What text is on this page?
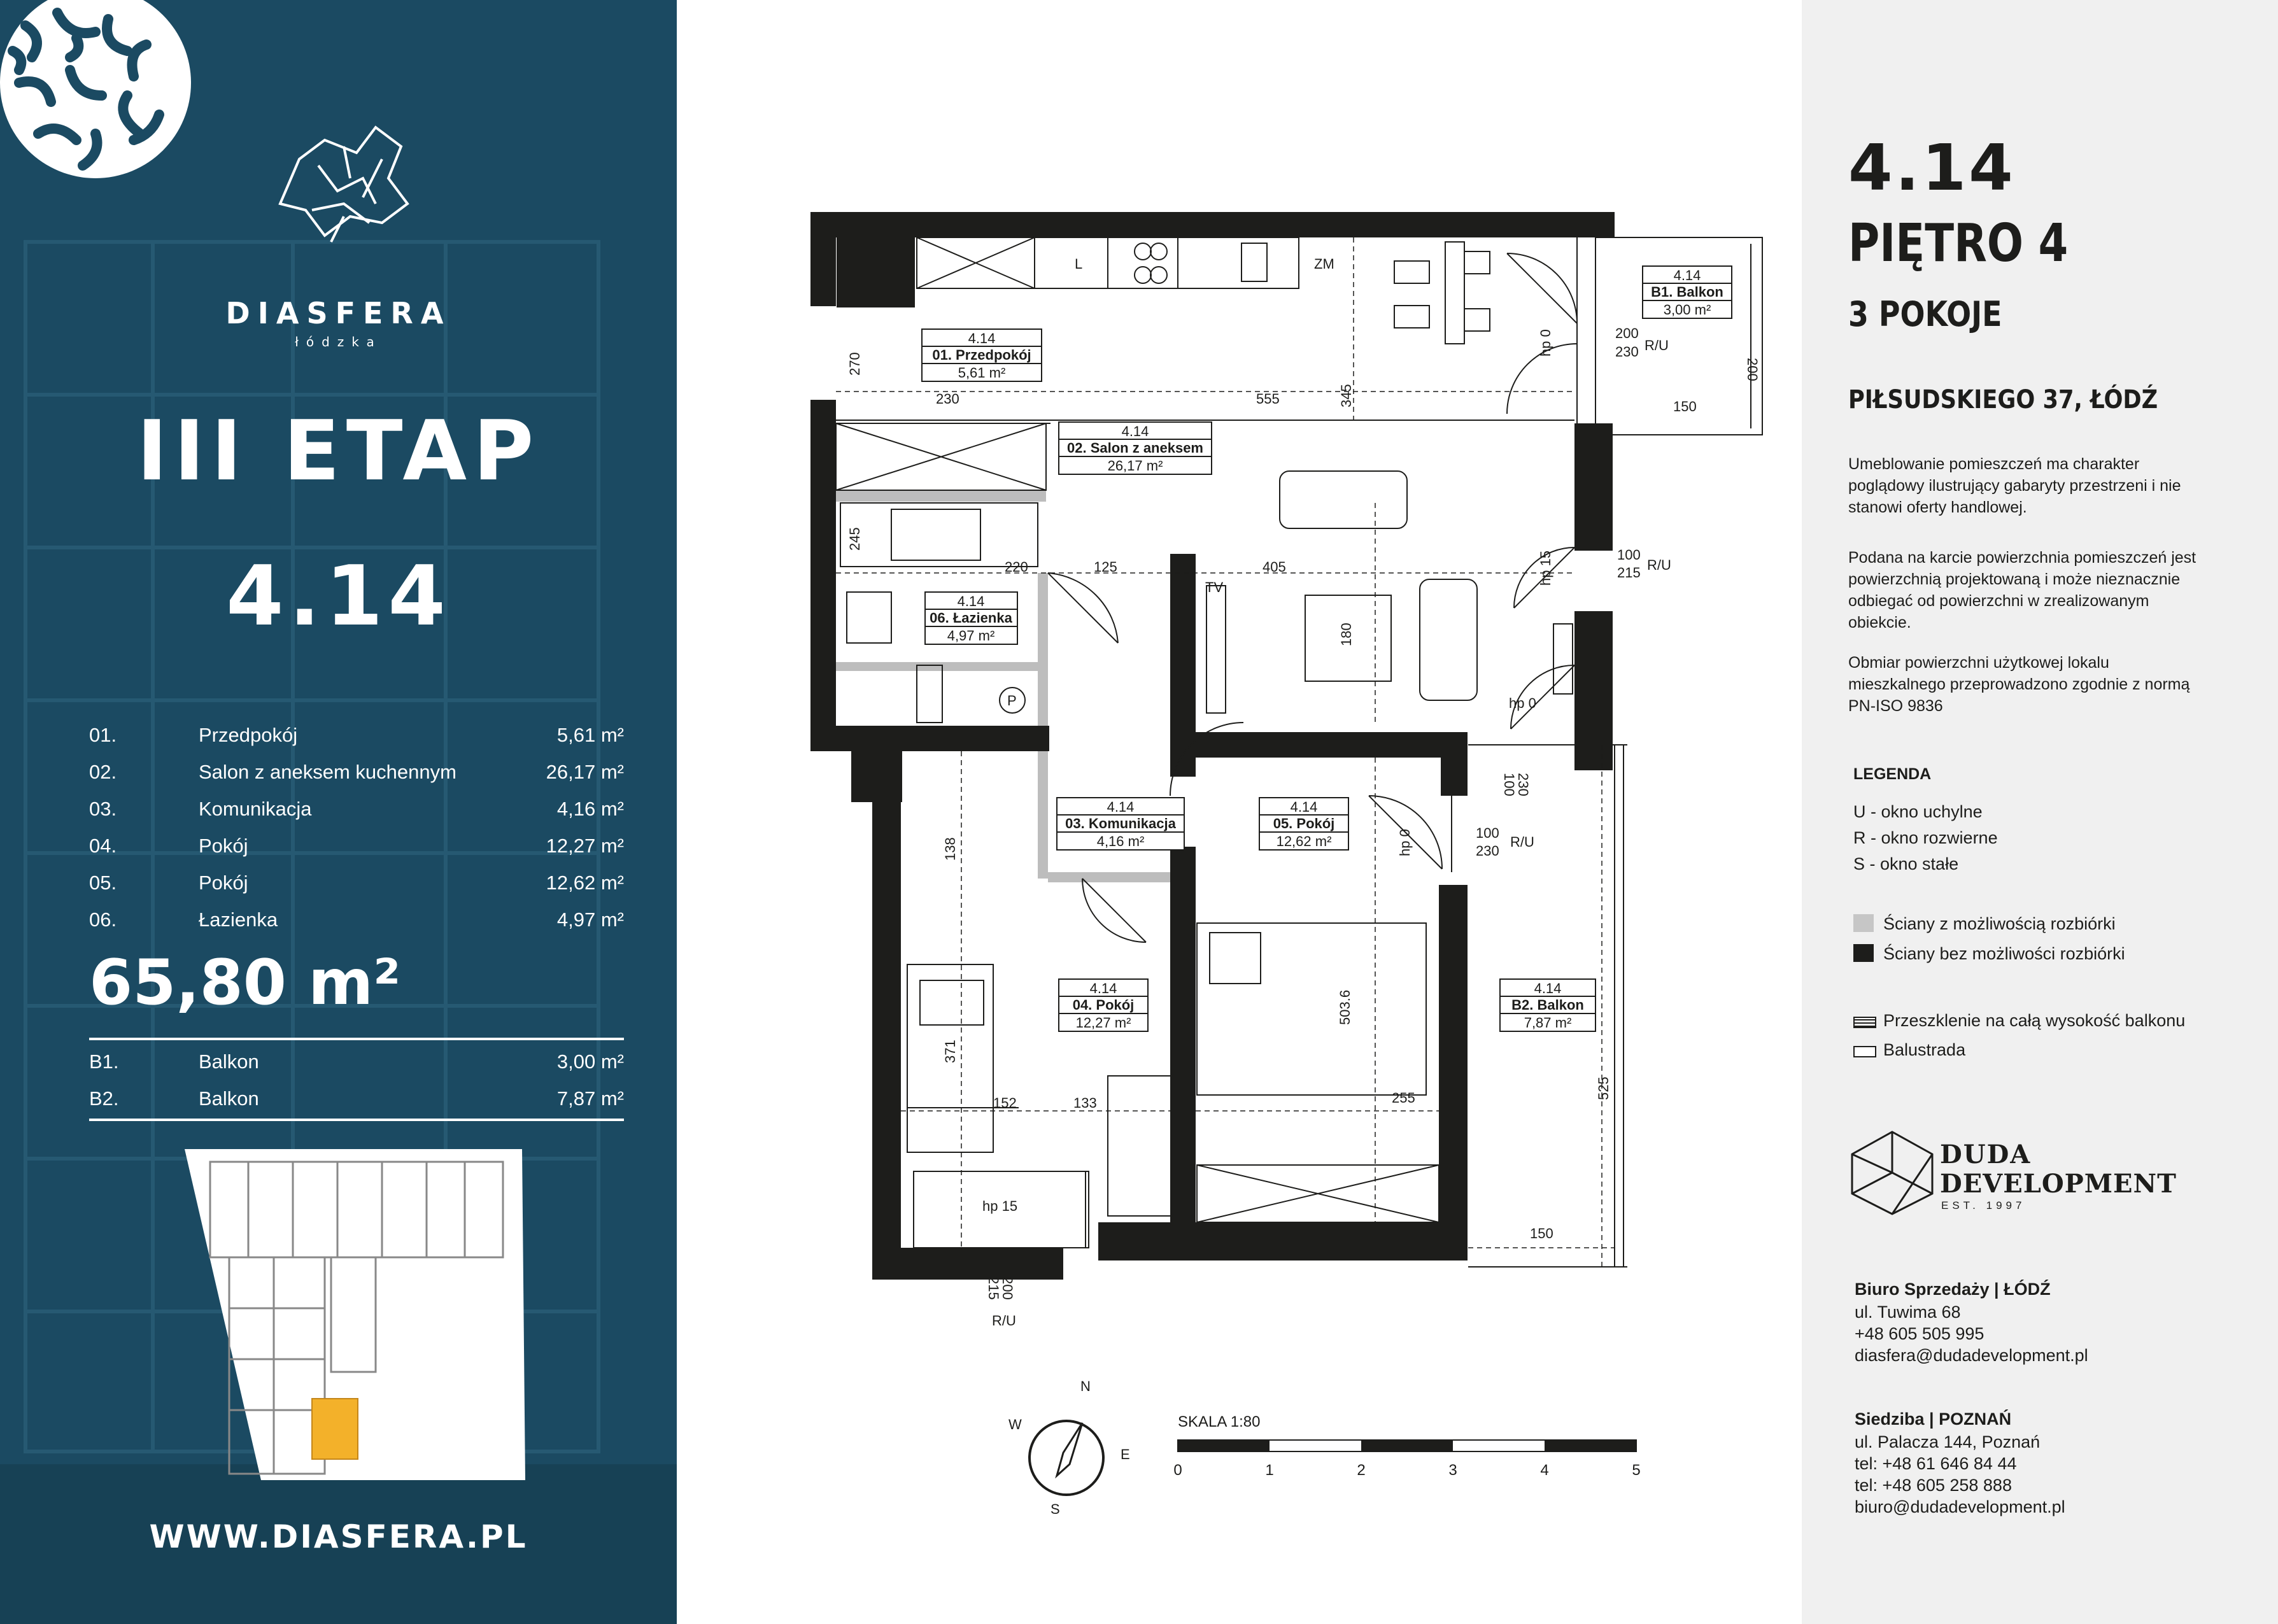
DIASFERA
łódzka
III ETAP
4.14
01.	Przedpokój	5,61 m²
02.	Salon z aneksem kuchennym	26,17 m²
03.	Komunikacja	4,16 m²
04.	Pokój	12,27 m²
05.	Pokój	12,62 m²
06.	Łazienka	4,97 m²
65,80 m²
B1.	Balkon	3,00 m²
B2.	Balkon	7,87 m²
WWW.DIASFERA.PL
4.14
01. Przedpokój
5,61 m²
4.14
02. Salon z aneksem
26,17 m²
4.14
03. Komunikacja
4,16 m²
4.14
04. Pokój
12,27 m²
4.14
05. Pokój
12,62 m²
4.14
06. Łazienka
4,97 m²
4.14
B1. Balkon
3,00 m²
4.14
B2. Balkon
7,87 m²
270
230	555	345
245
220	125	405
180
138
371
152	133
503.6
255	525
150
150
200
200
230
100
215
100
230
100
230
215
200
hp 0
hp 15
hp 0
hp 0
hp 15
R/U
R/U
R/U
R/U
L	ZM
TV
P
N
E
S
W	SKALA 1:80
0	1	2	3	4	5
4.14
PIĘTRO 4
3 POKOJE
PIŁSUDSKIEGO 37, ŁÓDŹ
Umeblowanie pomieszczeń ma charakter poglądowy ilustrujący gabaryty przestrzeni i nie stanowi oferty handlowej.
Podana na karcie powierzchnia pomieszczeń jest powierzchnią projektowaną i może nieznacznie odbiegać od powierzchni w zrealizowanym obiekcie.
Obmiar powierzchni użytkowej lokalu mieszkalnego przeprowadzono zgodnie z normą PN-ISO 9836
LEGENDA
U - okno uchylne
R - okno rozwierne
S - okno stałe
Ściany z możliwością rozbiórki
Ściany bez możliwości rozbiórki
Przeszklenie na całą wysokość balkonu
Balustrada
DUDA
DEVELOPMENT
EST. 1997
Biuro Sprzedaży | ŁÓDŹ
ul. Tuwima 68
+48 605 505 995
diasfera@dudadevelopment.pl
Siedziba | POZNAŃ
ul. Palacza 144, Poznań
tel: +48 61 646 84 44
tel: +48 605 258 888
biuro@dudadevelopment.pl
